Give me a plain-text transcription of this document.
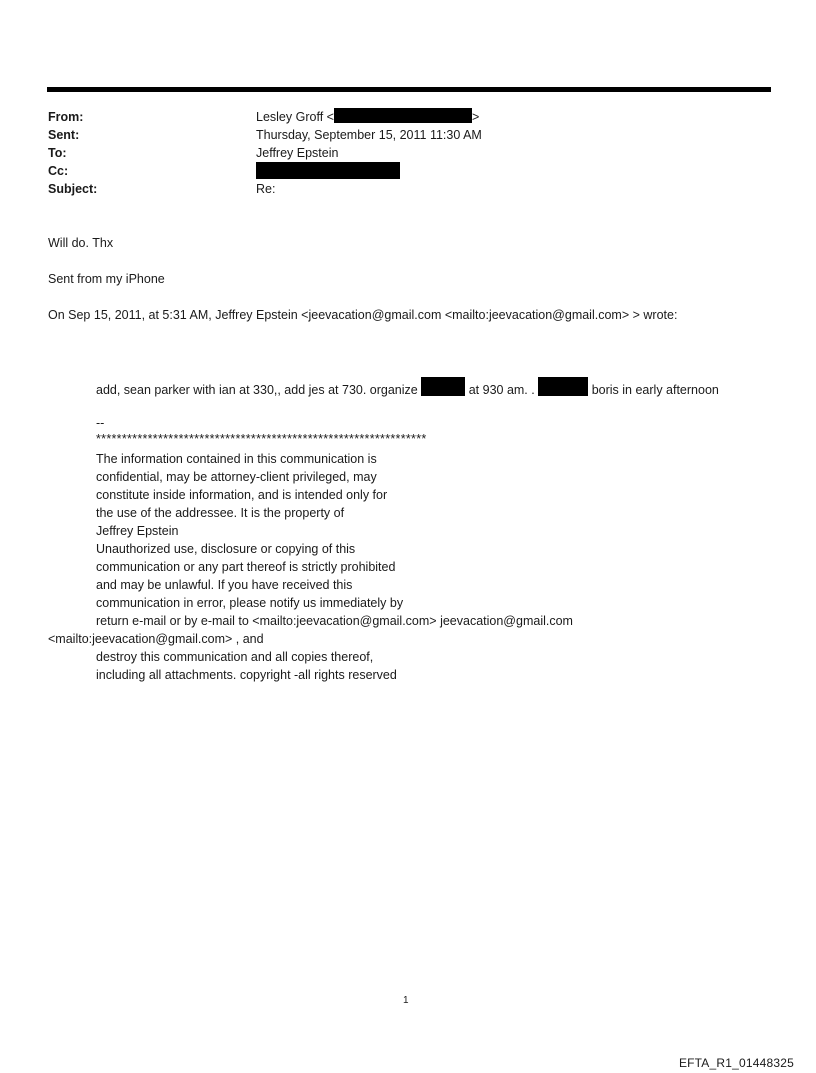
From:	Lesley Groff <	>
Sent:	Thursday, September 15, 2011 11:30 AM
To:	Jeffrey Epstein
Cc:
Subject:	Re:
Will do. Thx
Sent from my iPhone
On Sep 15, 2011, at 5:31 AM, Jeffrey Epstein <jeevacation@gmail.com <mailto:jeevacation@gmail.com> > wrote:
add, sean parker with ian at 330,, add jes at 730. organize	at 930 am. .	boris in early afternoon
--
****************************************************************
The information contained in this communication is
confidential, may be attorney-client privileged, may
constitute inside information, and is intended only for
the use of the addressee. It is the property of
Jeffrey Epstein
Unauthorized use, disclosure or copying of this
communication or any part thereof is strictly prohibited
and may be unlawful. If you have received this
communication in error, please notify us immediately by
return e-mail or by e-mail to <mailto:jeevacation@gmail.com> jeevacation@gmail.com
<mailto:jeevacation@gmail.com> , and
destroy this communication and all copies thereof,
including all attachments. copyright -all rights reserved
1
EFTA_R1_01448325
